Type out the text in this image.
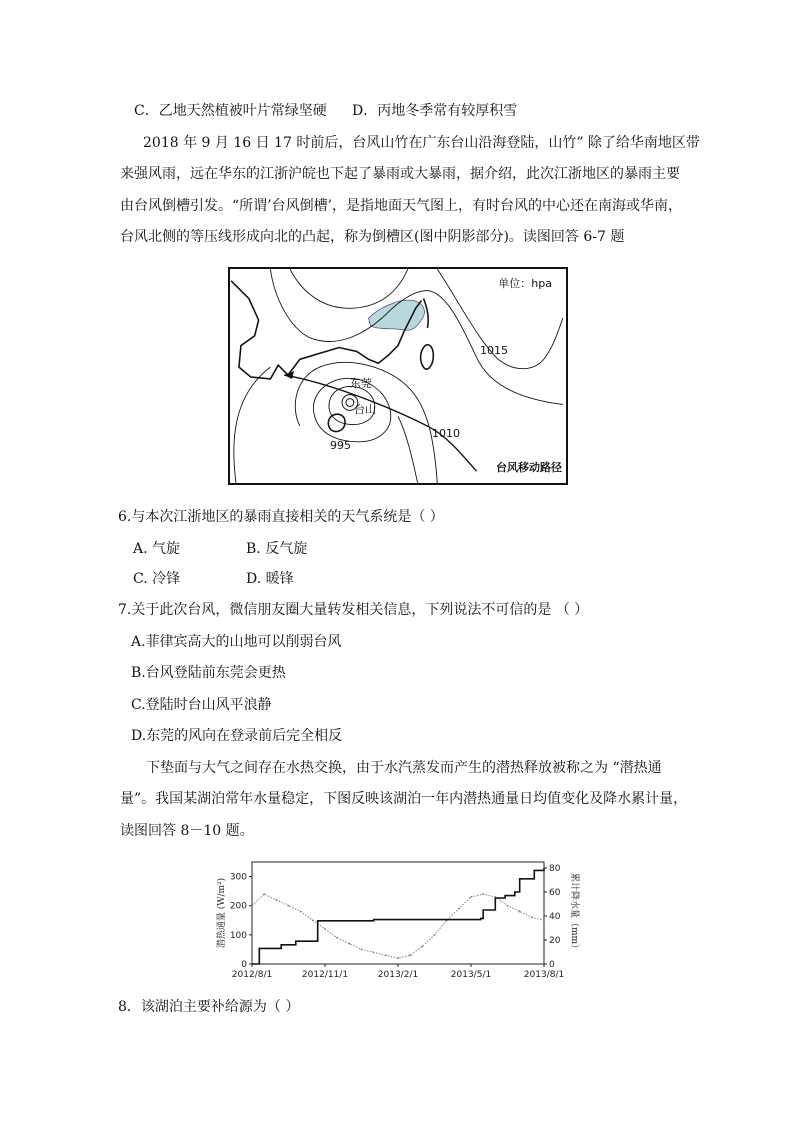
C．乙地天然植被叶片常绿坚硬 D．丙地冬季常有较厚积雪
2018 年 9 月 16 日 17 时前后，台风山竹在广东台山沿海登陆，山竹” 除了给华南地区带
来强风雨，远在华东的江浙沪皖也下起了暴雨或大暴雨，据介绍，此次江浙地区的暴雨主要
由台风倒槽引发。“所谓’台风倒槽’，是指地面天气图上，有时台风的中心还在南海或华南，
台风北侧的等压线形成向北的凸起，称为倒槽区(图中阴影部分)。读图回答 6-7 题
单位：hpa
1015
1010
995
东莞
台山
台风移动路径
6.与本次江浙地区的暴雨直接相关的天气系统是（ ）
A. 气旋	B. 反气旋
C. 冷锋	D. 暖锋
7.关于此次台风，微信朋友圈大量转发相关信息，下列说法不可信的是 （ ）
A.菲律宾高大的山地可以削弱台风
B.台风登陆前东莞会更热
C.登陆时台山风平浪静
D.东莞的风向在登录前后完全相反
下垫面与大气之间存在水热交换，由于水汽蒸发而产生的潜热释放被称之为 “潜热通
量”。我国某湖泊常年水量稳定，下图反映该湖泊一年内潜热通量日均值变化及降水累计量，
读图回答 8－10 题。
0
100
200
300
0
20
40
60
80
2012/8/1	2012/11/1	2013/2/1	2013/5/1	2013/8/1
潜热通量 (W/m²)	累计降水量（mm）
8．该湖泊主要补给源为（ ）
